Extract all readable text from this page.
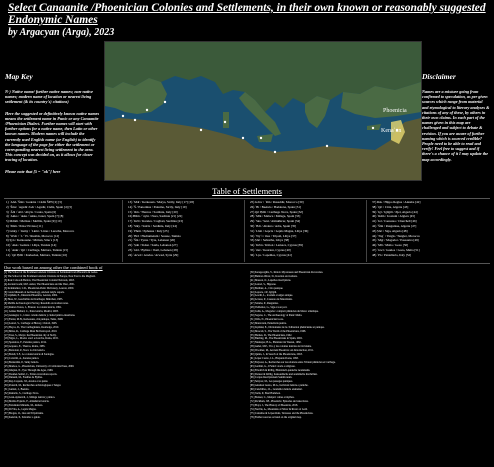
Select Canaanite /Phoenician Colonies and Settlements, in their own known or reasonably suggested Endonymic Names
by Argacyan (Arga), 2023
Map Key

N-) Native name/ further native names; non-native names; modern name of location or nearest living settlement (& its country's) citations)

Here the suggested or definitively known native names means the settlement name in Punic or any Canaanite /Phoenician Dialect. Further names will start with further options for a native name, then Latin or other known names. Modern names will include the currently used English name (or English) to identify the language of the page for either the settlement or corresponding nearest living settlement in the area. This concept was decided on, as it allows for closer tracing of location.

Please note that [5 = "ok"] here

Kenaʿan
Phoenicia
Disclaimer

Names are a mixture going from confirmed to speculation, as per given sources which range from material and etymological to literary analyses & citations of any of these, by others in their own claims. In each part of the names given in this map are challenged and subject to debate & revision. If you are aware of further naming which is sourced credible? People need to be able to read and verify! Feel free to suggest and if there's a chance of it I may update the map accordingly.

Table of Settlements
1) ʾAbd-ʿŠmš / Gadeira / Cádiz ŠPN [2] [3]
2) ʾŠms/ ʾAgadir /Gdr / Agadir, Cádiz, Spain [4] [5]
3) ʾĀbl /ʾAbl / Abyla / Ceuta, Spain [6]
4) ʿAkka / ʿakka /ʿAkko, Israel, Spain [7] [8]
5) Mdnth / Melissa / Mellila, Spain [9] [10]
6) ʾIbšm / Ibiza/ Eivissa [11]
7) Lmky / ʾLkmy / ʾLkmt / Lixus / Larache, Morocco
8) ʾWsšr / ʾI / ʾPt / Rusibis, Morocco [12]
9) Ṣyn / Kerkouane / Mrmsn, Sinaʿs [13]
10) ʿAkk / Gedara / Libya, Tunisia [14]
11) ʾAnkr / Qrt / Carthage, Mattora, Tunisia [15]
12) ʾQrt Ḥdšt / Karkedon, Mattora, Tunisia [16]
13) ʿMdr / Kerkouan / Motya, Sicily, Italy [17] [18]
14) ʾŠ / Panormus / Palermo, Sicily, Italy [19]
15) ʾšlm / Tharros / Sardinia, Italy [20]
16) Bšlm / ʾnytn / Nora, Sardinia [21] [22]
17) ʾKrlš / Karales / Cagliari, Sardinia [23]
18) ʾSlky / Sulcis / Sardinia, Italy [24]
19) ʾPhrm / Ephesus / Italy [25]
20) ʾHrd / Hadrumetum / Sousse, Tunisia
21) ʾŠm / Tyrus / Tyre, Lebanon [26]
22) ʾṢdn / Sidon / Saida, Lebanon [27]
23) ʾGbl / Byblos / Jbeil, Lebanon [28]
24) ʾArwd / Arados / Arwad, Syria [29]
25) Gdrw / ʾRm / Rusaddir, Morocco [30]
26) ʾBt / Baetulo / Badalona, Spain [31]
27) Qrt Ḥdšt / Carthago Nova, Spain [32]
28) ʾMlk / Malaca / Málaga, Spain [33]
29) ʾSks / Sexi / Almuñécar, Spain [34]
30) ʾBdr / Abdera / Adra, Spain [35]
31) ʾLbm / Lepcis / Leptis Magna, Libya [36]
32) ʾWyʿt / Oea / Tripoli, Libya [37]
33) Ṣbrt / Sabratha, Libya [38]
34) ʾKrbn / Kition / Larnaca, Cyprus [39]
35) ʾmrr / Kourion, Cyprus [40]
36) ʾLps / Lapethos, Cyprus [41]
37) Rsk / Hippo Regius / Annaba [42]
38) ʾQrt / Cirta, Algeria [43]
39) ʾIgl / Igilgili / Jijel, Algeria [44]
40) ʾIkšm / Icosium / Algiers [45]
41) ʾIol / Caesarea / Cherchell [46]
42) ʾŠlm / Rusguniae, Algeria [47]
43) Ṣbrt / Siga, Algeria [48]
44) ʾTngʾ / Tingis / Tangier, Morocco
45) ʾMgr / Mogador / Essaouira [49]
46) ʾMlt / Malta / Gozo [50]
47) ʾGwl / Gaulos / Gozo, Malta [51]
48) ʾPn / Pantelleria, Italy [52]
Our work based on among other the combined book of
[1] The School of the Prominent Ancient Citations of Settlement from Pheonicia & Gades.
[2] The School of the Prominent Ancient Citations in Europe, Near East to the Maghreb.
[3] Ruiz Cobos & Barlow, The Phoenician Colonial Network, 2018.
[4] Ancient Gadir, M.E. Aubet, The Phoenicians and the West, 2001.
[5] Krahmalkov, C.R., Phoenician-Punic Dictionary, Leuven, 2000.
[6] Ceuta Museum of Archaeology, Ancient Abyla reports.
[7] Lipiński, E., Itineraria Phoenicia, Leuven, 2004.
[8] Huss, W., Geschichte der Karthager, München, 1985.
[9] Melilla Archaeological Survey, Rusaddir excavation notes.
[10] Ramon Torres, J., Ebusus: la colonia fenicia, 1991.
[11] Gómez Bellard, C., Ibiza fenicia, Madrid, 2003.
[12] Aranegui, C., Lixus: colonia fenicia y ciudad púnico-mauritana.
[13] Fantar, M.H., Kerkouane, cité punique, Tunis, 1998.
[14] Lancel, S., Carthage: A History, Oxford, 1995.
[15] Hoyos, D., The Carthaginians, Routledge, 2010.
[16] Miles, R., Carthage Must Be Destroyed, 2010.
[17] Tusa, S., Motya: the Phoenician city of Sicily.
[18] Nigro, L., Mozia: scavi e ricerche, Roma, 2015.
[19] Spatafora, F., Palermo punica, 2012.
[20] Acquaro, E., Tharros, Roma, 1985.
[21] Bartoloni, P., Nora: la città fenicia.
[22] Bondì, S.F., Le colonie fenicie di Sardegna.
[23] Colavitti, A., Karales punica.
[24] Bernardini, P., Sulky fenicia.
[25] Markoe, G., Phoenicians, University of California Press, 2000.
[26] Jidejian, N., Tyre Through the Ages, 1969.
[27] Doumet-Serhal, C., Sidon excavations reports.
[28] Dunand, M., Fouilles de Byblos.
[29] Rey-Coquais, J.P., Arados et sa pérée.
[30] Ponsich, M., Recherches archéologiques à Tanger.
[31] Guitart, J., Baetulo.
[32] Ramallo, S., Carthago Nova.
[33] Gran-Aymerich, J., Málaga fenicia y púnica.
[34] Molina Fajardo, F., Almuñécar fenicia.
[35] Fernández Miranda, M., Abdera.
[36] Di Vita, A., Leptis Magna.
[37] Brogan, O., Oea and Tripolitania.
[38] Kenrick, P., Sabratha: a guide.
[39] Karageorghis, V., Kition: Mycenaean and Phoenician discoveries.
[40] Buitron-Oliver, D., Kourion excavations.
[41] Masson, O., Lapethos inscriptions.
[42] Lancel, S., Hippone.
[43] Berthier, A., Cirta punique.
[44] Laporte, J.P., Igilgili.
[45] Leschi, L., Icosium et Alger antique.
[46] Leveau, P., Caesarea de Maurétanie.
[47] Salama, P., Rusguniae.
[48] Vuillemot, G., Siga et son port.
[49] Jodin, A., Mogador: comptoir phénicien du Maroc atlantique.
[50] Sagona, C., The Archaeology of Punic Malta.
[51] Vella, N., Phoenician Gozo.
[52] Mantovani, Pantelleria punica.
[53] Lipiński, E., Dictionnaire de la civilisation phénicienne et punique.
[54] Moscati, S., The World of the Phoenicians, 1968.
[55] Harden, D., The Phoenicians, 1962.
[56] Bierling, M., The Phoenicians in Spain, 2002.
[57] Niemeyer, H.G., Phönizier im Westen, 1982.
[58] Aubet, M.E., Tiro y las colonias fenicias de Occidente.
[59] Woolmer, M., Ancient Phoenicia: An Introduction, 2011.
[60] Quinn, J., In Search of the Phoenicians, 2018.
[61] López Castro, J.L., Hispania Poena, 1995.
[62] Ferjaoui, A., Recherches sur les relations entre l'Orient phénicien et Carthage.
[63] Garbini, G., I Fenici: storia e religione.
[64] Friedrich & Röllig, Phönizisch-punische Grammatik.
[65] Donner & Röllig, Kanaanäische und aramäische Inschriften.
[66] Corpus Inscriptionum Semiticarum.
[67] Sznycer, M., Les passages puniques.
[68] Amadasi Guzzo, M.G., Iscrizioni fenicie e puniche.
[69] Cunchillos, J.L., Gramática fenicia elemental.
[70] Xella, P., Baal Hammon.
[71] Bonnet, C., Melqart: cultes et mythes.
[72] Peckham, J.B., Phoenicia: Episodes and Anecdotes.
[73] Elayi, J., The History of Phoenicia, 2018.
[74] Neville, A., Mountains of Silver & Rivers of Gold.
[75] Celestino & López-Ruiz, Tartessos and the Phoenicians.
[76] Further sources as listed on the original map.
